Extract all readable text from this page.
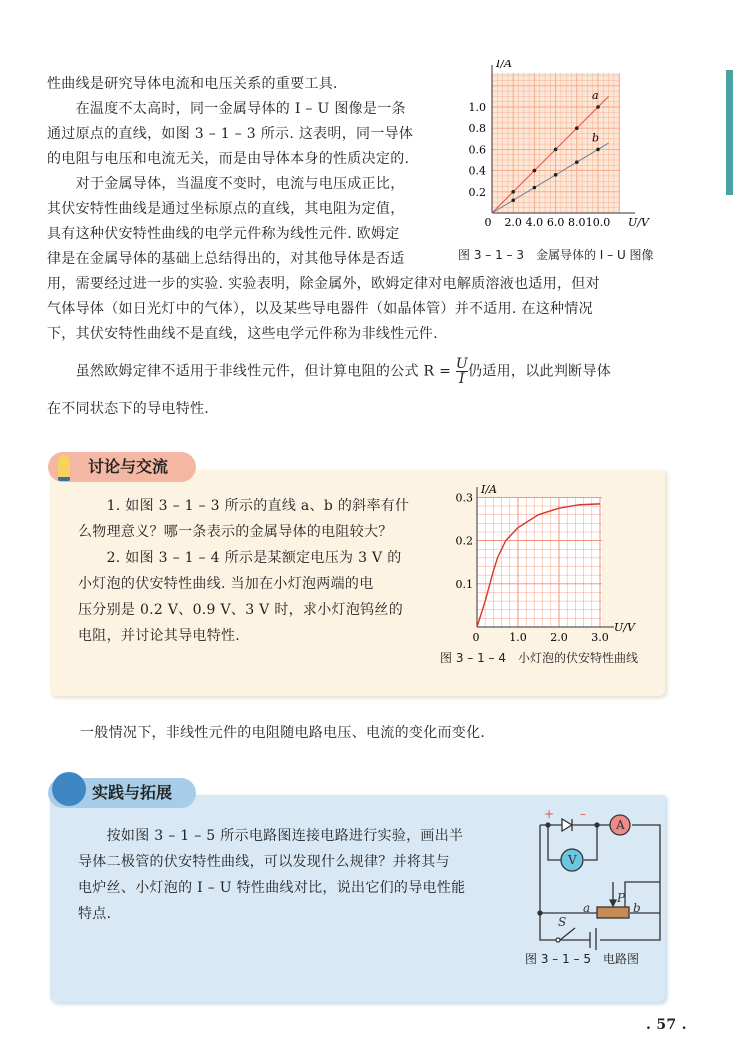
性曲线是研究导体电流和电压关系的重要工具.
　　在温度不太高时，同一金属导体的 I – U 图像是一条
通过原点的直线，如图 3 – 1 – 3 所示. 这表明，同一导体
的电阻与电压和电流无关，而是由导体本身的性质决定的.
　　对于金属导体，当温度不变时，电流与电压成正比，
其伏安特性曲线是通过坐标原点的直线，其电阻为定值，
具有这种伏安特性曲线的电学元件称为线性元件. 欧姆定
律是在金属导体的基础上总结得出的，对其他导体是否适
用，需要经过进一步的实验. 实验表明，除金属外，欧姆定律对电解质溶液也适用，但对
气体导体（如日光灯中的气体），以及某些导电器件（如晶体管）并不适用. 在这种情况
下，其伏安特性曲线不是直线，这些电学元件称为非线性元件.
　　虽然欧姆定律不适用于非线性元件，但计算电阻的公式 $R = \frac{U}{I}$ 仍适用，以此判断导体
在不同状态下的导电特性.
a
b
2.0 4.0 6.0 8.0 10.0
0.2
0.4
0.6
0.8
1.0
0	U/V
I/A
图 3 – 1 – 3　金属导体的 I – U 图像
讨论与交流
　　1. 如图 3 – 1 – 3 所示的直线 a、b 的斜率有什
么物理意义？哪一条表示的金属导体的电阻较大？
　　2. 如图 3 – 1 – 4 所示是某额定电压为 3 V 的
小灯泡的伏安特性曲线. 当加在小灯泡两端的电
压分别是 0.2 V、0.9 V、3 V 时，求小灯泡钨丝的
电阻，并讨论其导电特性.	1.0 2.0 3.0
0.1
0.2
0.3
0
U/V
I/A
图 3 – 1 – 4　小灯泡的伏安特性曲线
一般情况下，非线性元件的电阻随电路电压、电流的变化而变化.
实践与拓展
　　按如图 3 – 1 – 5 所示电路图连接电路进行实验，画出半
导体二极管的伏安特性曲线，可以发现什么规律？并将其与
电炉丝、小灯泡的 I – U 特性曲线对比，说出它们的导电性能
特点.
+ –
A
V
a	b
P
S
图 3 – 1 – 5　电路图
. 57 .
